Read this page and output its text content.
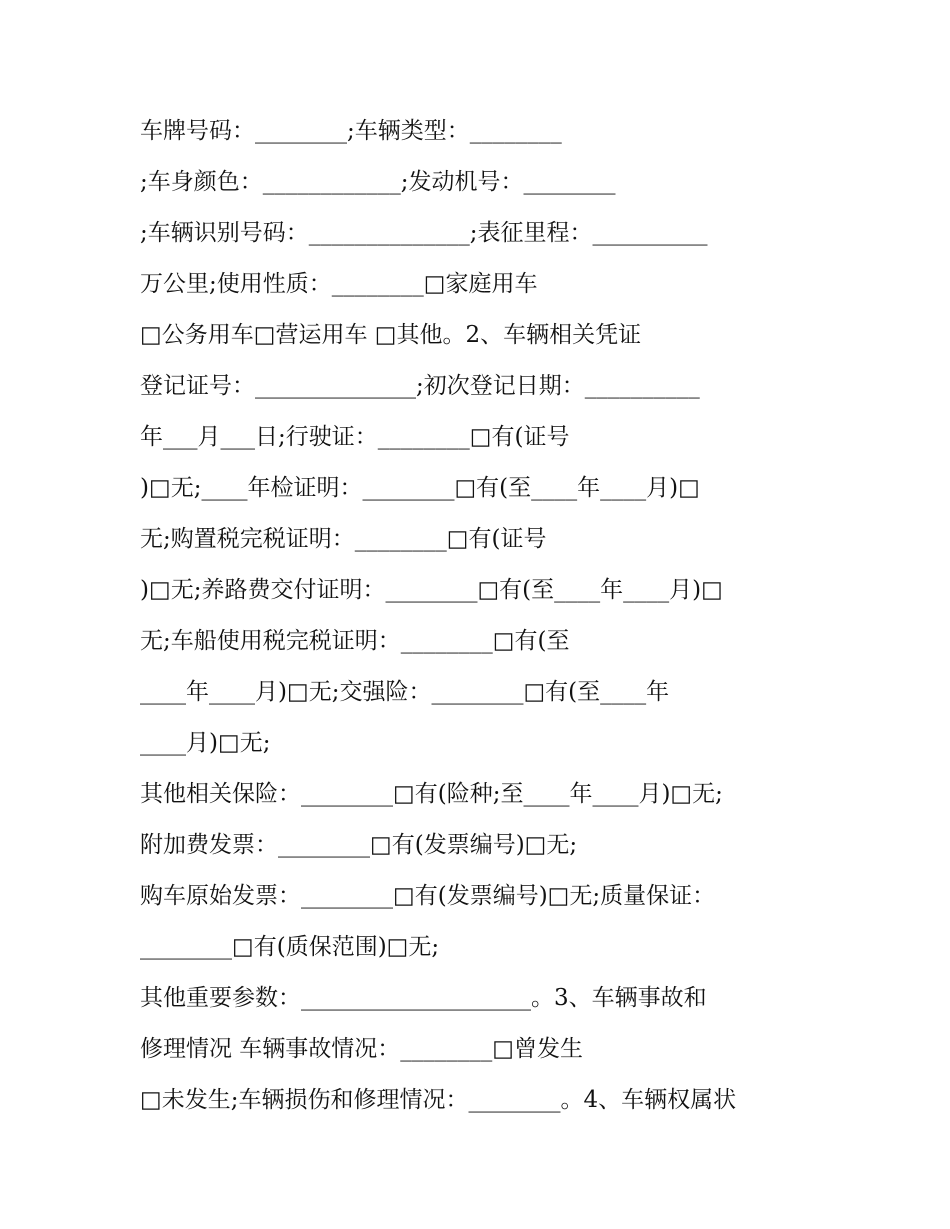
车牌号码：________;车辆类型：________
;车身颜色：____________;发动机号：________
;车辆识别号码：______________;表征里程：__________
万公里;使用性质：________□家庭用车
□公务用车□营运用车 □其他。2、车辆相关凭证
登记证号：______________;初次登记日期：__________
年___月___日;行驶证：________□有(证号
)□无;____年检证明：________□有(至____年____月)□
无;购置税完税证明：________□有(证号
)□无;养路费交付证明：________□有(至____年____月)□
无;车船使用税完税证明：________□有(至
____年____月)□无;交强险：________□有(至____年
____月)□无;
其他相关保险：________□有(险种;至____年____月)□无;
附加费发票：________□有(发票编号)□无;
购车原始发票：________□有(发票编号)□无;质量保证：
________□有(质保范围)□无;
其他重要参数：____________________。3、车辆事故和
修理情况 车辆事故情况：________□曾发生
□未发生;车辆损伤和修理情况：________。4、车辆权属状
